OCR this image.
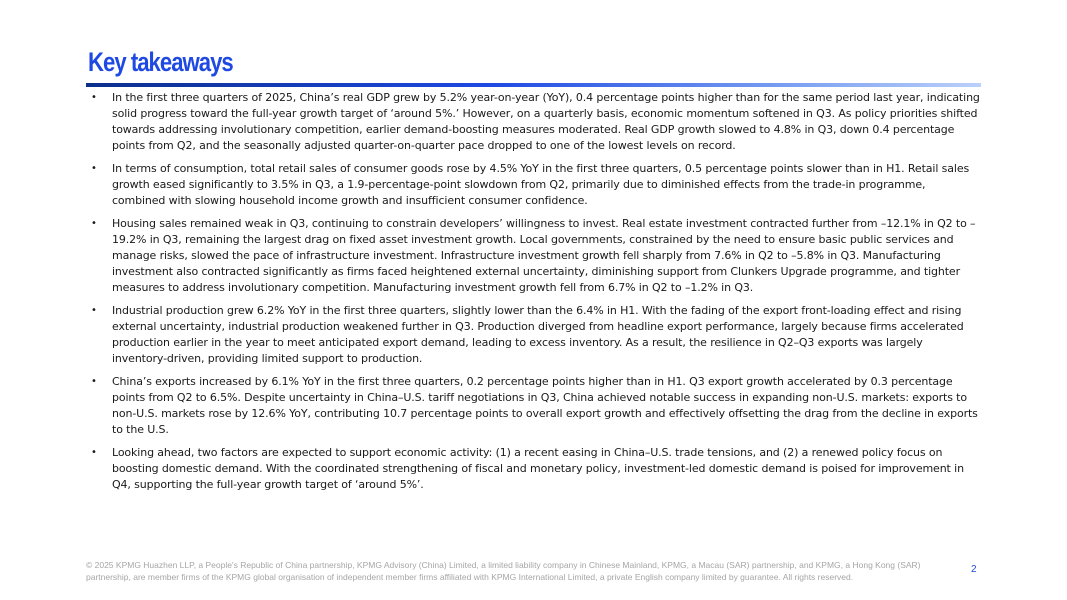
Key takeaways
• In the first three quarters of 2025, China’s real GDP grew by 5.2% year-on-year (YoY), 0.4 percentage points higher than for the same period last year, indicating solid progress toward the full-year growth target of ‘around 5%.’ However, on a quarterly basis, economic momentum softened in Q3. As policy priorities shifted towards addressing involutionary competition, earlier demand-boosting measures moderated. Real GDP growth slowed to 4.8% in Q3, down 0.4 percentage points from Q2, and the seasonally adjusted quarter-on-quarter pace dropped to one of the lowest levels on record.
• In terms of consumption, total retail sales of consumer goods rose by 4.5% YoY in the first three quarters, 0.5 percentage points slower than in H1. Retail sales growth eased significantly to 3.5% in Q3, a 1.9-percentage-point slowdown from Q2, primarily due to diminished effects from the trade-in programme, combined with slowing household income growth and insufficient consumer confidence.
• Housing sales remained weak in Q3, continuing to constrain developers’ willingness to invest. Real estate investment contracted further from –12.1% in Q2 to –19.2% in Q3, remaining the largest drag on fixed asset investment growth. Local governments, constrained by the need to ensure basic public services and manage risks, slowed the pace of infrastructure investment. Infrastructure investment growth fell sharply from 7.6% in Q2 to –5.8% in Q3. Manufacturing investment also contracted significantly as firms faced heightened external uncertainty, diminishing support from Clunkers Upgrade programme, and tighter measures to address involutionary competition. Manufacturing investment growth fell from 6.7% in Q2 to –1.2% in Q3.
• Industrial production grew 6.2% YoY in the first three quarters, slightly lower than the 6.4% in H1. With the fading of the export front-loading effect and rising external uncertainty, industrial production weakened further in Q3. Production diverged from headline export performance, largely because firms accelerated production earlier in the year to meet anticipated export demand, leading to excess inventory. As a result, the resilience in Q2–Q3 exports was largely inventory-driven, providing limited support to production.
• China’s exports increased by 6.1% YoY in the first three quarters, 0.2 percentage points higher than in H1. Q3 export growth accelerated by 0.3 percentage points from Q2 to 6.5%. Despite uncertainty in China–U.S. tariff negotiations in Q3, China achieved notable success in expanding non-U.S. markets: exports to non-U.S. markets rose by 12.6% YoY, contributing 10.7 percentage points to overall export growth and effectively offsetting the drag from the decline in exports to the U.S.
• Looking ahead, two factors are expected to support economic activity: (1) a recent easing in China–U.S. trade tensions, and (2) a renewed policy focus on boosting domestic demand. With the coordinated strengthening of fiscal and monetary policy, investment-led domestic demand is poised for improvement in Q4, supporting the full-year growth target of ‘around 5%’.
© 2025 KPMG Huazhen LLP, a People's Republic of China partnership, KPMG Advisory (China) Limited, a limited liability company in Chinese Mainland, KPMG, a Macau (SAR) partnership, and KPMG, a Hong Kong (SAR) partnership, are member firms of the KPMG global organisation of independent member firms affiliated with KPMG International Limited, a private English company limited by guarantee. All rights reserved.
2
